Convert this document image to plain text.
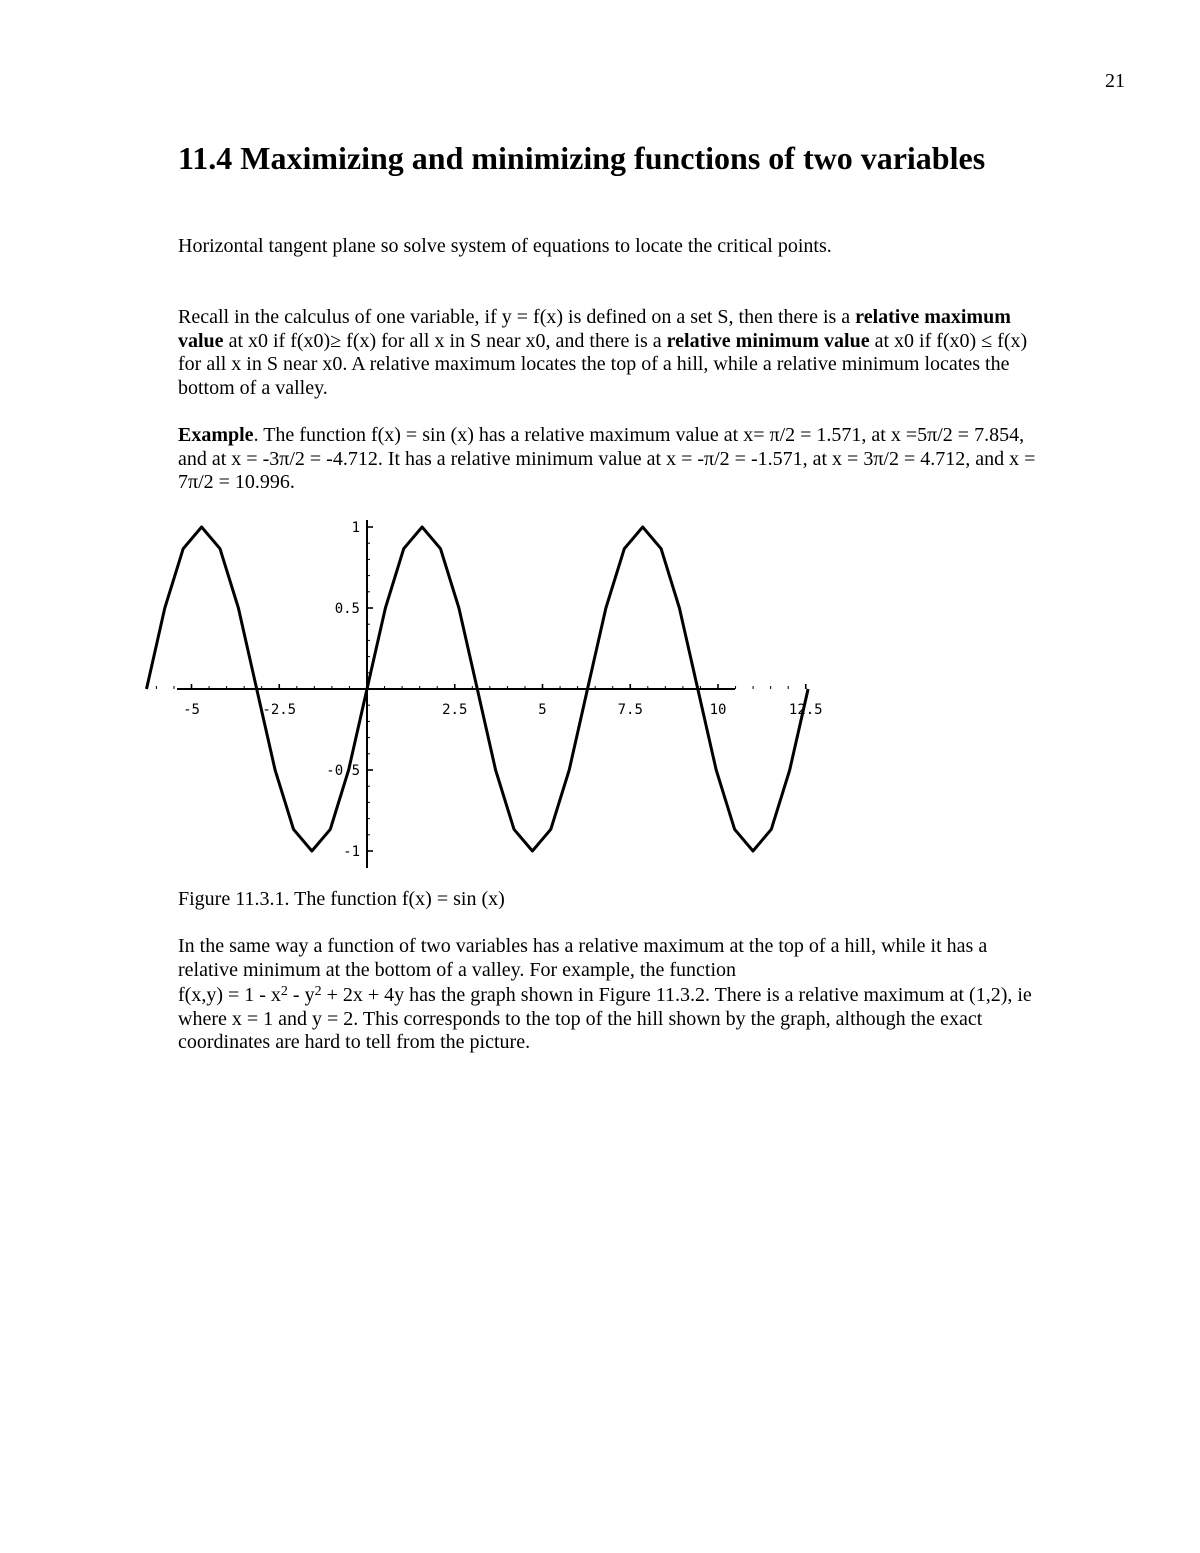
21
11.4 Maximizing and minimizing functions of two variables

Horizontal tangent plane so solve system of equations to locate the critical points.

Recall in the calculus of one variable, if y = f(x) is defined on a set S, then there is a relative maximum value at x0 if f(x0)≥ f(x) for all x in S near x0, and there is a relative minimum value at x0 if f(x0) ≤ f(x) for all x in S near x0. A relative maximum locates the top of a hill, while a relative minimum locates the bottom of a valley.

Example. The function f(x) = sin (x) has a relative maximum value at x= π/2 = 1.571, at x =5π/2 = 7.854, and at x = -3π/2 = -4.712. It has a relative minimum value at x = -π/2 = -1.571, at x = 3π/2 = 4.712, and x = 7π/2 = 10.996.

-5	-2.5	2.5	5	7.5	10	12.5
1
0.5
-0.5
-1

Figure 11.3.1. The function f(x) = sin (x)

In the same way a function of two variables has a relative maximum at the top of a hill, while it has a relative minimum at the bottom of a valley. For example, the function
$f(x,y) = 1 - x^2 - y^2 + 2x + 4y$ has the graph shown in Figure 11.3.2. There is a relative maximum at (1,2), ie where x = 1 and y = 2. This corresponds to the top of the hill shown by the graph, although the exact coordinates are hard to tell from the picture.
